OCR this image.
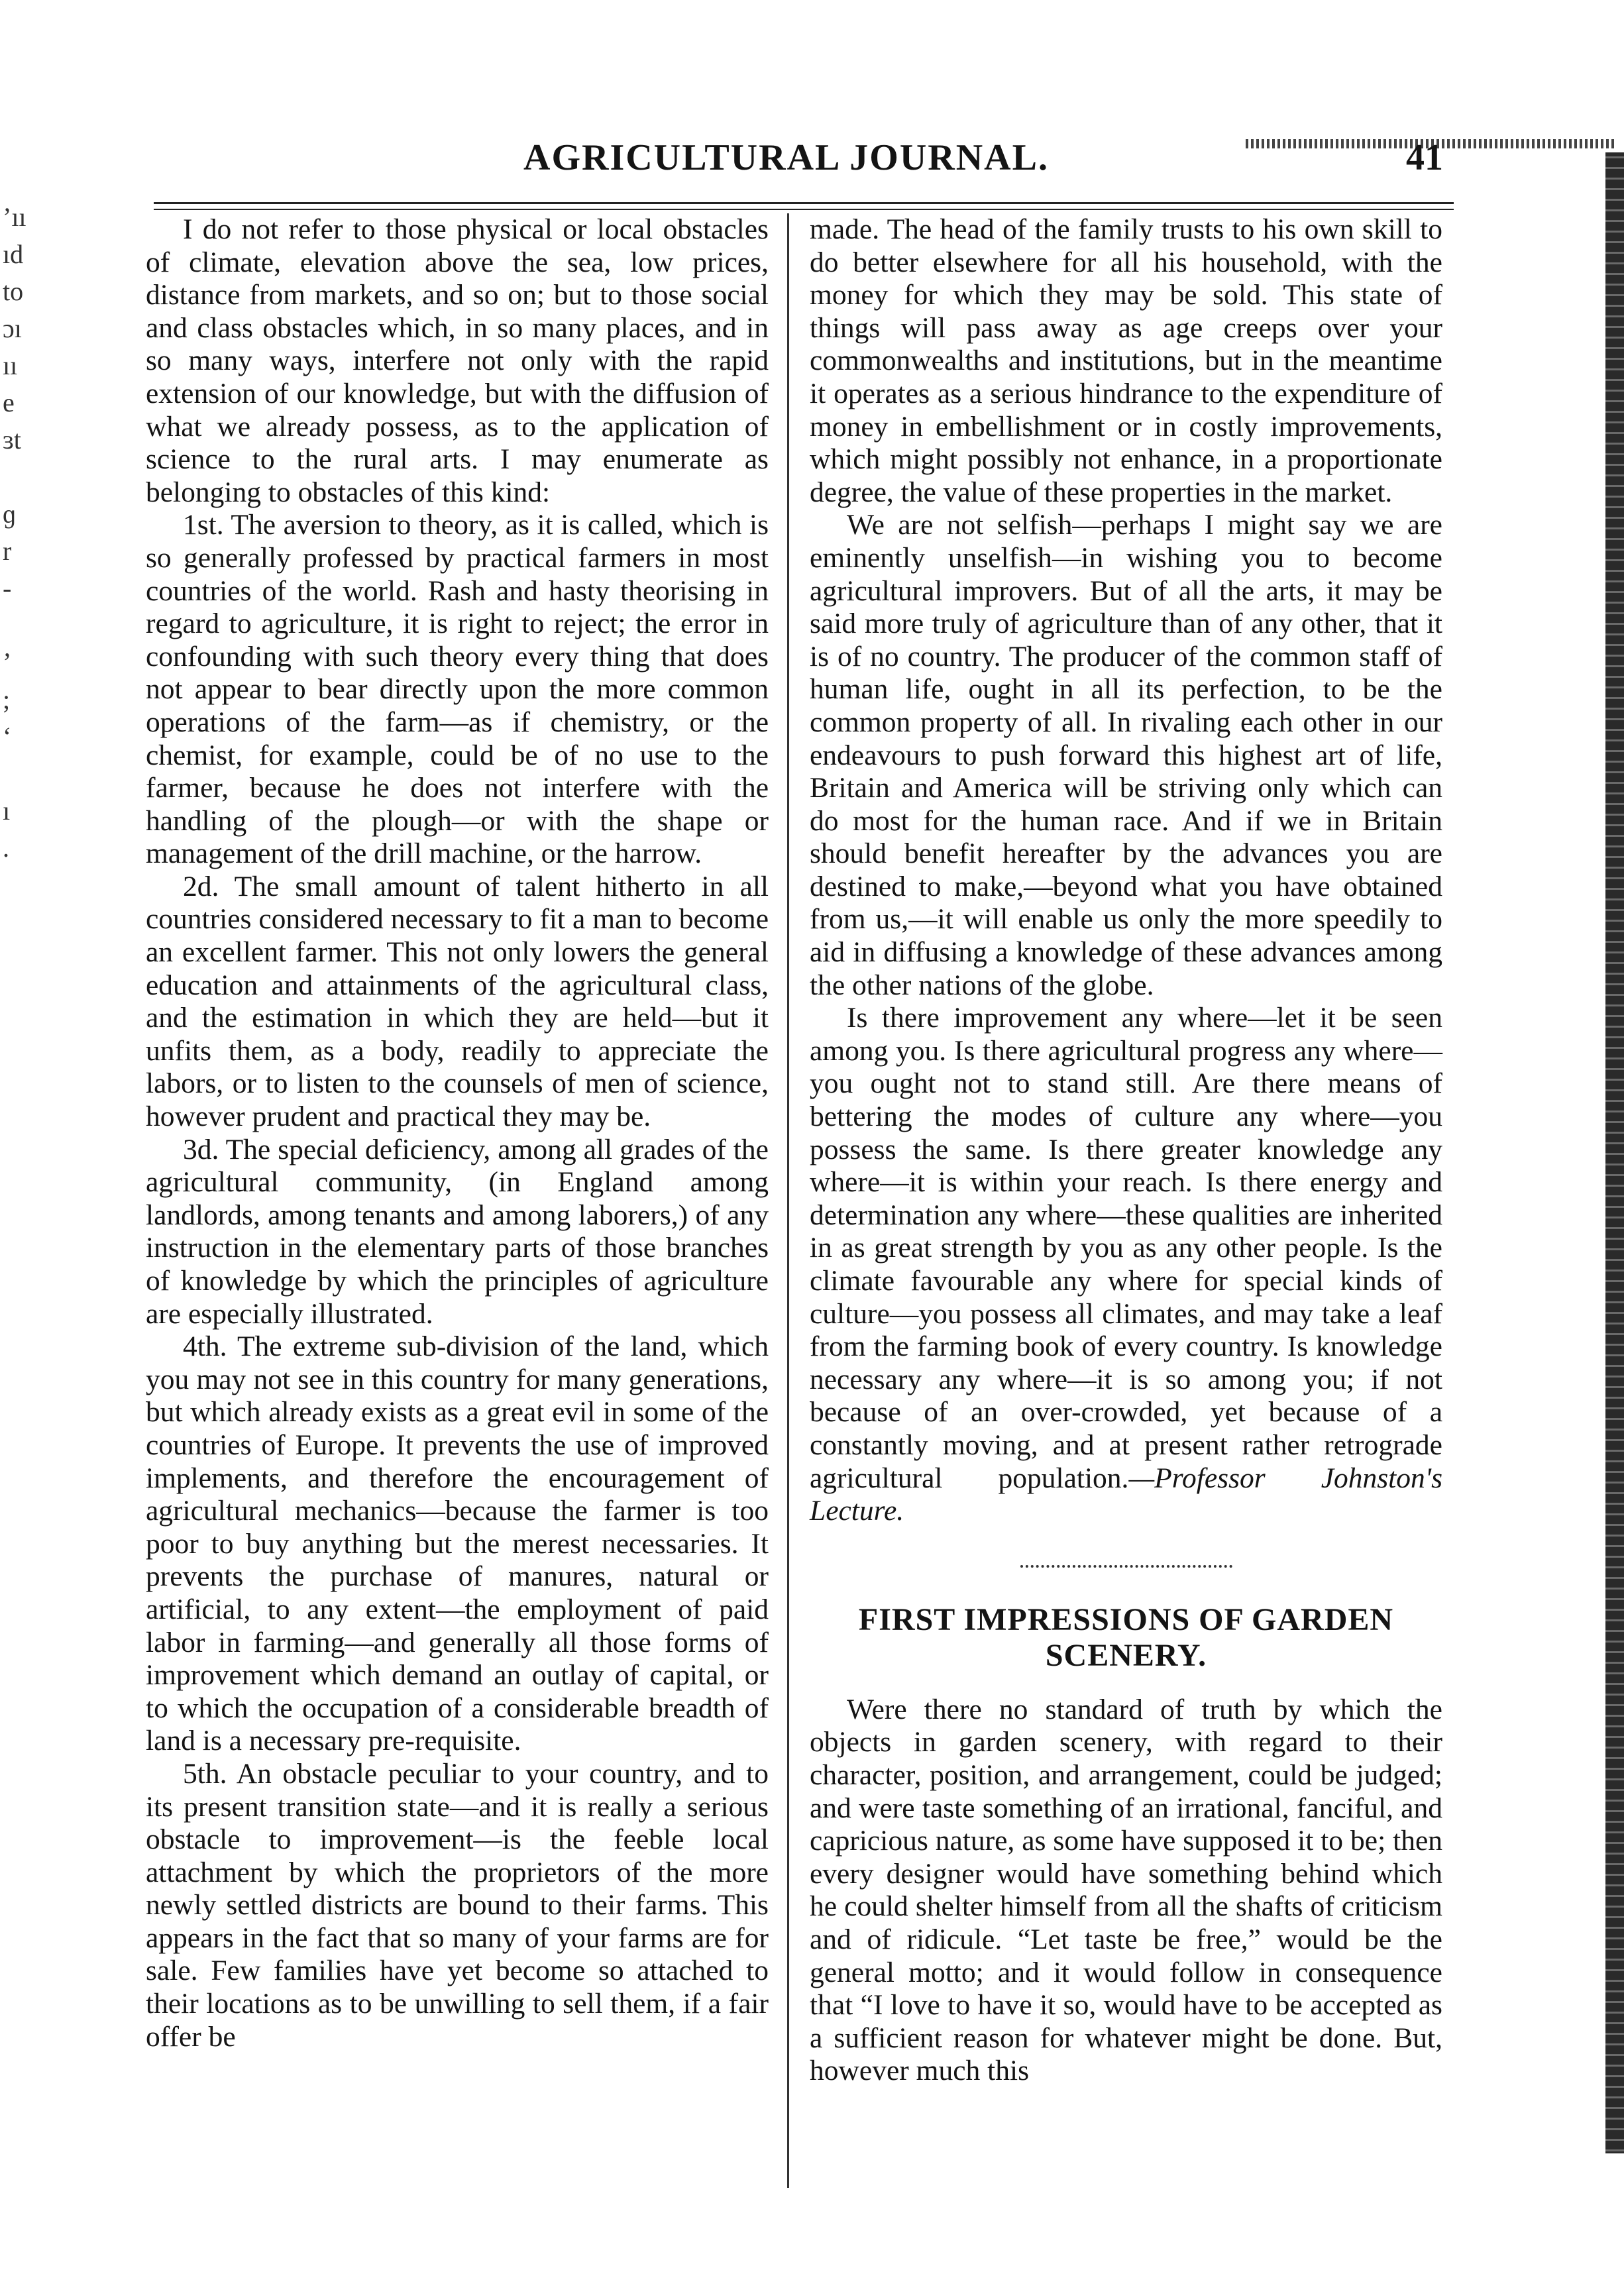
’ıı
ıd
to
ɔı
ıı
e
ɜt

ɡ
r
-

ʼ
;
ʻ

ı
.
AGRICULTURAL JOURNAL.	41

I do not refer to those physical or local obstacles of climate, elevation above the sea, low prices, distance from markets, and so on; but to those social and class obstacles which, in so many places, and in so many ways, interfere not only with the rapid extension of our knowledge, but with the diffusion of what we already possess, as to the application of science to the rural arts. I may enumerate as belonging to obstacles of this kind:

1st. The aversion to theory, as it is called, which is so generally professed by practical farmers in most countries of the world. Rash and hasty theorising in regard to agriculture, it is right to reject; the error in confounding with such theory every thing that does not appear to bear directly upon the more common operations of the farm—as if chemistry, or the chemist, for example, could be of no use to the farmer, because he does not interfere with the handling of the plough—or with the shape or management of the drill machine, or the harrow.

2d. The small amount of talent hitherto in all countries considered necessary to fit a man to become an excellent farmer. This not only lowers the general education and attainments of the agricultural class, and the estimation in which they are held—but it unfits them, as a body, readily to appreciate the labors, or to listen to the counsels of men of science, however prudent and practical they may be.

3d. The special deficiency, among all grades of the agricultural community, (in England among landlords, among tenants and among laborers,) of any instruction in the elementary parts of those branches of knowledge by which the principles of agriculture are especially illustrated.

4th. The extreme sub-division of the land, which you may not see in this country for many generations, but which already exists as a great evil in some of the countries of Europe. It prevents the use of improved implements, and therefore the encouragement of agricultural mechanics—because the farmer is too poor to buy anything but the merest necessaries. It prevents the purchase of manures, natural or artificial, to any extent—the employment of paid labor in farming—and generally all those forms of improvement which demand an outlay of capital, or to which the occupation of a considerable breadth of land is a necessary pre-requisite.

5th. An obstacle peculiar to your country, and to its present transition state—and it is really a serious obstacle to improvement—is the feeble local attachment by which the proprietors of the more newly settled districts are bound to their farms. This appears in the fact that so many of your farms are for sale. Few families have yet become so attached to their locations as to be unwilling to sell them, if a fair offer be

made. The head of the family trusts to his own skill to do better elsewhere for all his household, with the money for which they may be sold. This state of things will pass away as age creeps over your commonwealths and institutions, but in the meantime it operates as a serious hindrance to the expenditure of money in embellishment or in costly improvements, which might possibly not enhance, in a proportionate degree, the value of these properties in the market.

We are not selfish—perhaps I might say we are eminently unselfish—in wishing you to become agricultural improvers. But of all the arts, it may be said more truly of agriculture than of any other, that it is of no country. The producer of the common staff of human life, ought in all its perfection, to be the common property of all. In rivaling each other in our endeavours to push forward this highest art of life, Britain and America will be striving only which can do most for the human race. And if we in Britain should benefit hereafter by the advances you are destined to make,—beyond what you have obtained from us,—it will enable us only the more speedily to aid in diffusing a knowledge of these advances among the other nations of the globe.

Is there improvement any where—let it be seen among you. Is there agricultural progress any where—you ought not to stand still. Are there means of bettering the modes of culture any where—you possess the same. Is there greater knowledge any where—it is within your reach. Is there energy and determination any where—these qualities are inherited in as great strength by you as any other people. Is the climate favourable any where for special kinds of culture—you possess all climates, and may take a leaf from the farming book of every country. Is knowledge necessary any where—it is so among you; if not because of an over-crowded, yet because of a constantly moving, and at present rather retrograde agricultural population.—Professor Johnston's Lecture.

FIRST IMPRESSIONS OF GARDEN SCENERY.

Were there no standard of truth by which the objects in garden scenery, with regard to their character, position, and arrangement, could be judged; and were taste something of an irrational, fanciful, and capricious nature, as some have supposed it to be; then every designer would have something behind which he could shelter himself from all the shafts of criticism and of ridicule. “Let taste be free,” would be the general motto; and it would follow in consequence that “I love to have it so, would have to be accepted as a sufficient reason for whatever might be done. But, however much this
